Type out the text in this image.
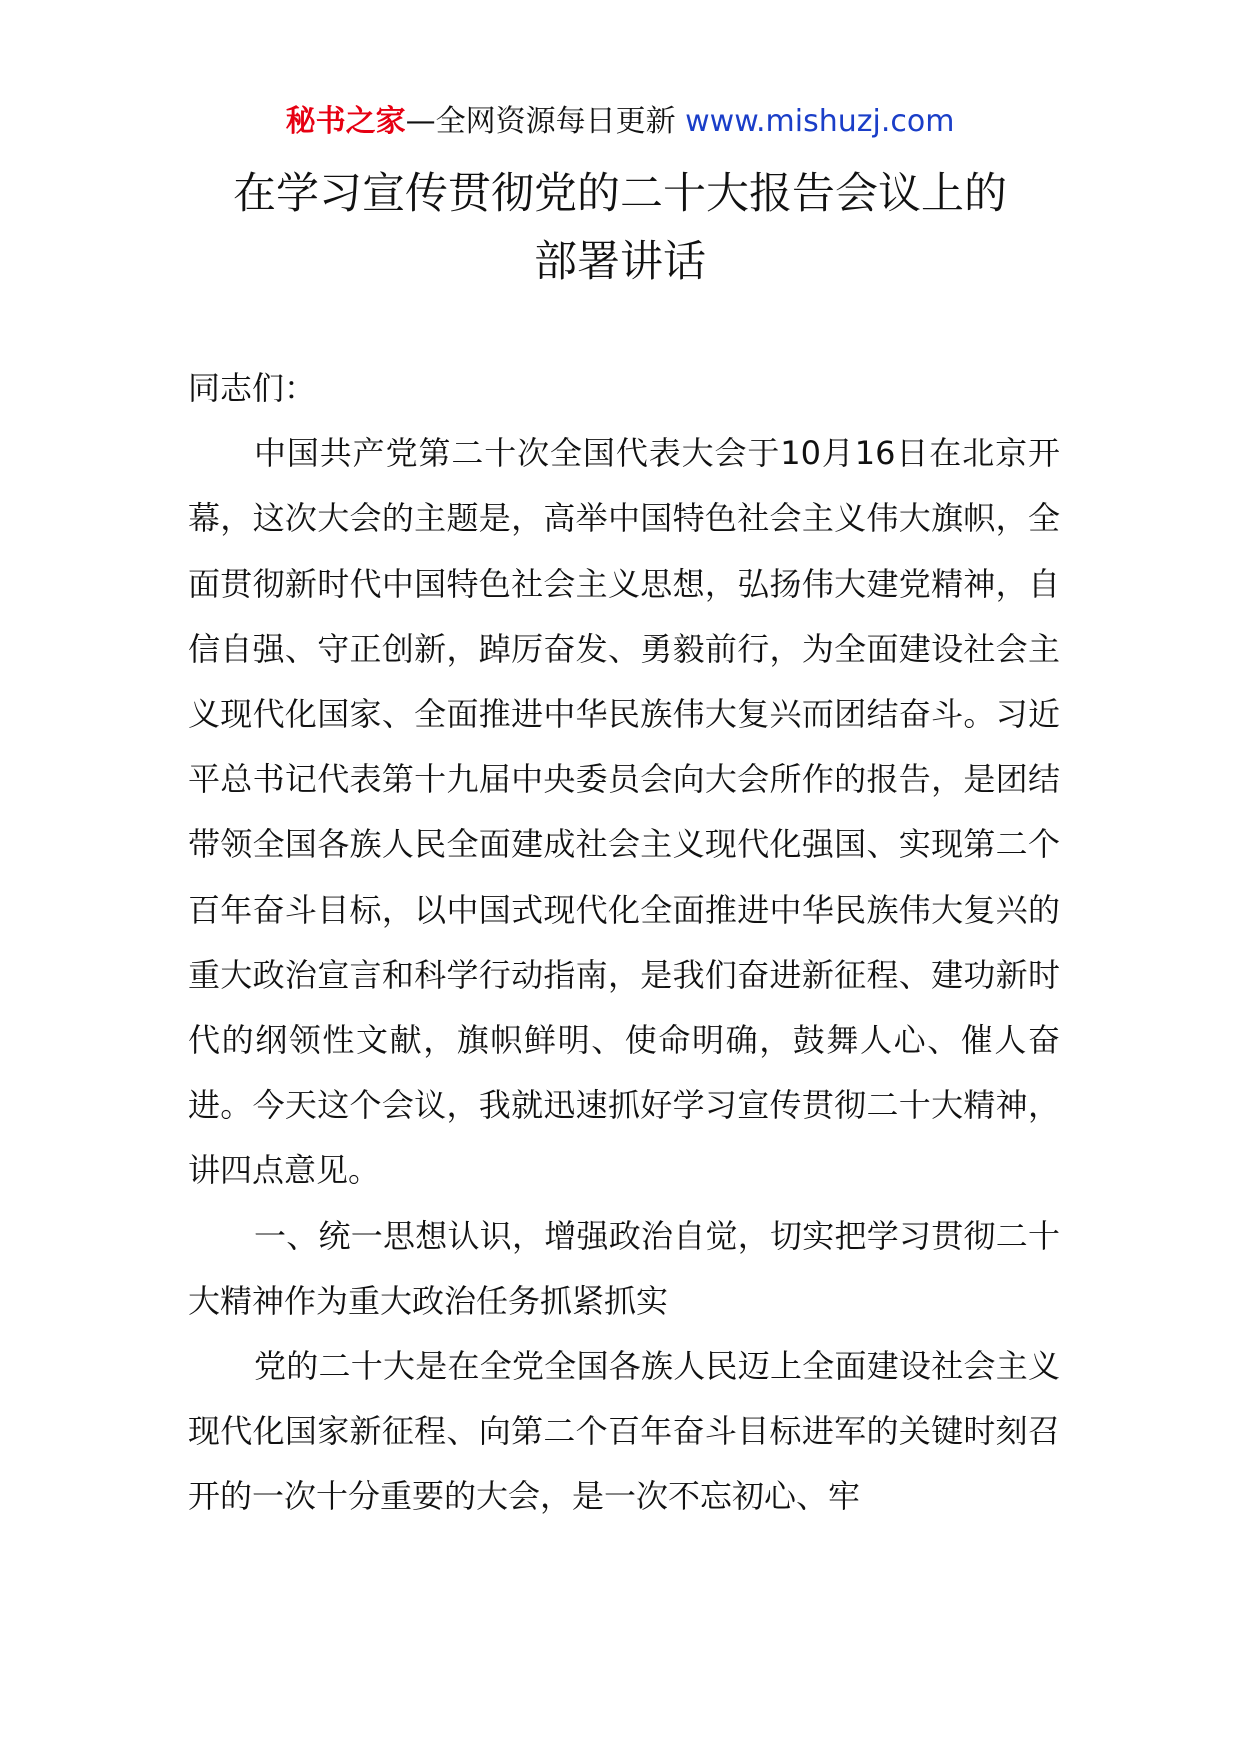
秘书之家—全网资源每日更新 www.mishuzj.com
在学习宣传贯彻党的二十大报告会议上的
部署讲话

同志们：

中国共产党第二十次全国代表大会于10月16日在北京开幕，这次大会的主题是，高举中国特色社会主义伟大旗帜，全面贯彻新时代中国特色社会主义思想，弘扬伟大建党精神，自信自强、守正创新，踔厉奋发、勇毅前行，为全面建设社会主义现代化国家、全面推进中华民族伟大复兴而团结奋斗。习近平总书记代表第十九届中央委员会向大会所作的报告，是团结带领全国各族人民全面建成社会主义现代化强国、实现第二个百年奋斗目标，以中国式现代化全面推进中华民族伟大复兴的重大政治宣言和科学行动指南，是我们奋进新征程、建功新时代的纲领性文献，旗帜鲜明、使命明确，鼓舞人心、催人奋进。今天这个会议，我就迅速抓好学习宣传贯彻二十大精神，讲四点意见。

一、统一思想认识，增强政治自觉，切实把学习贯彻二十大精神作为重大政治任务抓紧抓实

党的二十大是在全党全国各族人民迈上全面建设社会主义现代化国家新征程、向第二个百年奋斗目标进军的关键时刻召开的一次十分重要的大会，是一次不忘初心、牢
